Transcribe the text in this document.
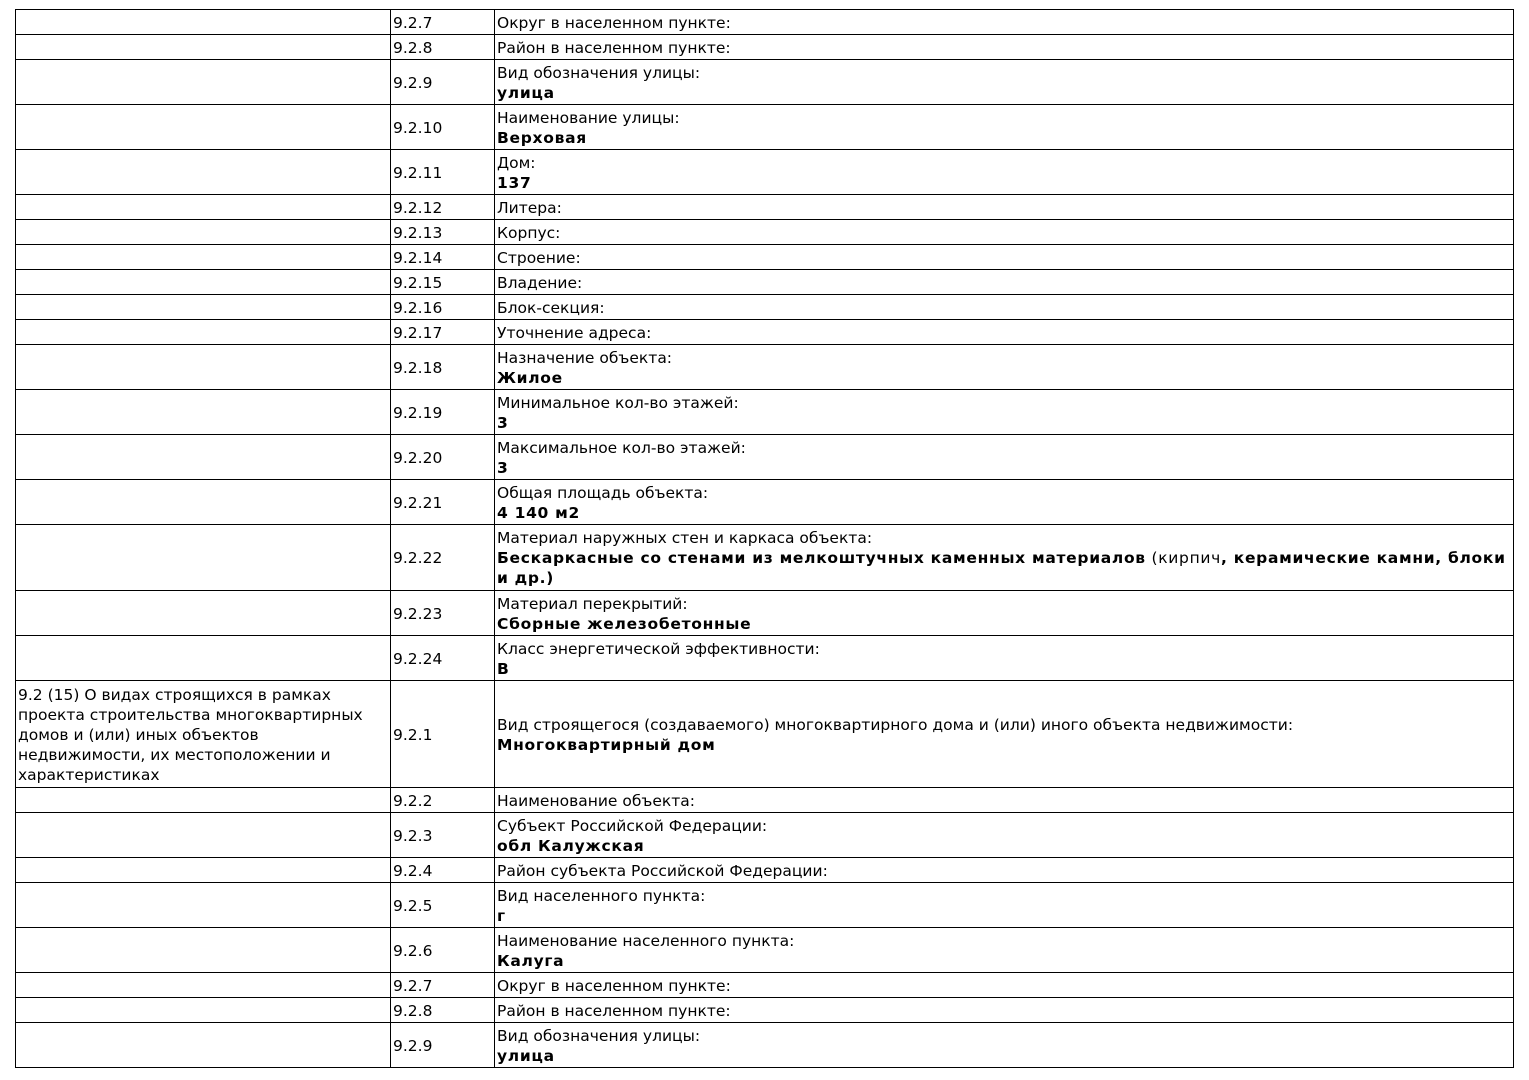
	9.2.7	Округ в населенном пункте:

	9.2.8	Район в населенном пункте:

	9.2.9	Вид обозначения улицы:
улица

	9.2.10	Наименование улицы:
Верховая

	9.2.11	Дом:
137

	9.2.12	Литера:

	9.2.13	Корпус:

	9.2.14	Строение:

	9.2.15	Владение:

	9.2.16	Блок-секция:

	9.2.17	Уточнение адреса:

	9.2.18	Назначение объекта:
Жилое

	9.2.19	Минимальное кол-во этажей:
3

	9.2.20	Максимальное кол-во этажей:
3

	9.2.21	Общая площадь объекта:
4 140 м2

	9.2.22	Материал наружных стен и каркаса объекта:
Бескаркасные со стенами из мелкоштучных каменных материалов (кирпич, керамические камни, блоки и др.)

	9.2.23	Материал перекрытий:
Сборные железобетонные

	9.2.24	Класс энергетической эффективности:
B

9.2 (15) О видах строящихся в рамках проекта строительства многоквартирных домов и (или) иных объектов недвижимости, их местоположении и характеристиках	9.2.1	Вид строящегося (создаваемого) многоквартирного дома и (или) иного объекта недвижимости:
Многоквартирный дом

	9.2.2	Наименование объекта:

	9.2.3	Субъект Российской Федерации:
обл Калужская

	9.2.4	Район субъекта Российской Федерации:

	9.2.5	Вид населенного пункта:
г

	9.2.6	Наименование населенного пункта:
Калуга

	9.2.7	Округ в населенном пункте:

	9.2.8	Район в населенном пункте:

	9.2.9	Вид обозначения улицы:
улица
